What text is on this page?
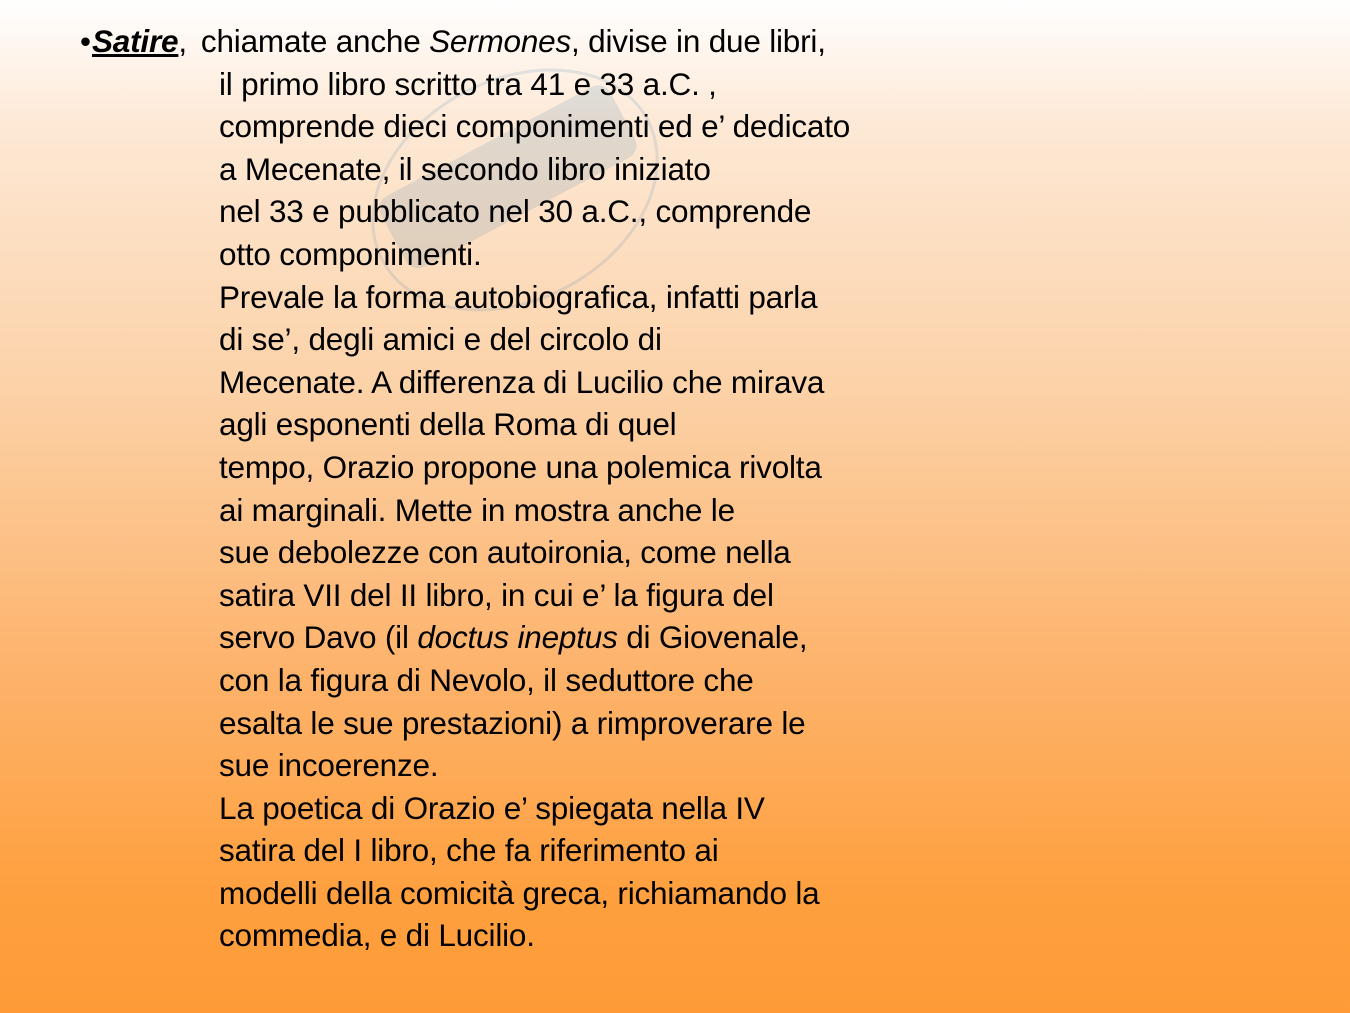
•Satire, chiamate anche Sermones, divise in due libri,
il primo libro scritto tra 41 e 33 a.C. ,
comprende dieci componimenti ed e’ dedicato
a Mecenate, il secondo libro iniziato
nel 33 e pubblicato nel 30 a.C., comprende
otto componimenti.
Prevale la forma autobiografica, infatti parla
di se’, degli amici e del circolo di
Mecenate. A differenza di Lucilio che mirava
agli esponenti della Roma di quel
tempo, Orazio propone una polemica rivolta
ai marginali. Mette in mostra anche le
sue debolezze con autoironia, come nella
satira VII del II libro, in cui e’ la figura del
servo Davo (il doctus ineptus di Giovenale,
con la figura di Nevolo, il seduttore che
esalta le sue prestazioni) a rimproverare le
sue incoerenze.
La poetica di Orazio e’ spiegata nella IV
satira del I libro, che fa riferimento ai
modelli della comicità greca, richiamando la
commedia, e di Lucilio.
